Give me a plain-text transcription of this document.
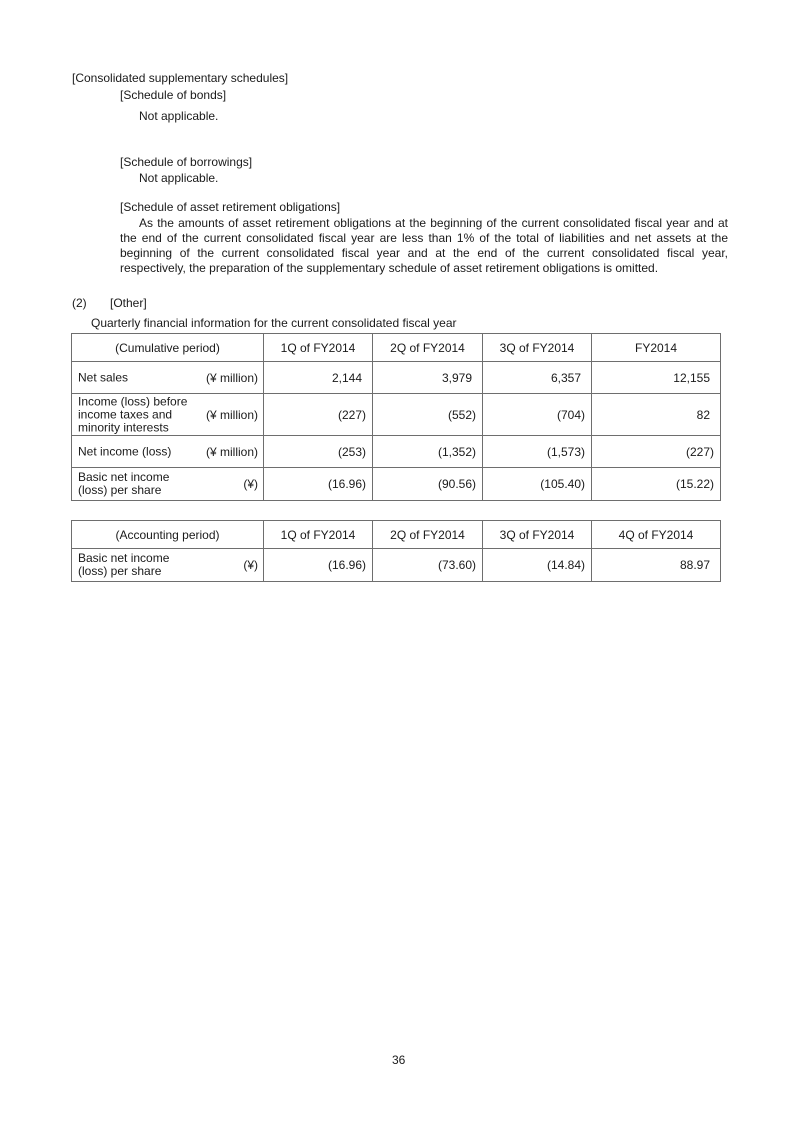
[Consolidated supplementary schedules]
[Schedule of bonds]
Not applicable.
[Schedule of borrowings]
Not applicable.
[Schedule of asset retirement obligations]
As the amounts of asset retirement obligations at the beginning of the current consolidated fiscal year and at the end of the current consolidated fiscal year are less than 1% of the total of liabilities and net assets at the beginning of the current consolidated fiscal year and at the end of the current consolidated fiscal year, respectively, the preparation of the supplementary schedule of asset retirement obligations is omitted.
(2) [Other]
Quarterly financial information for the current consolidated fiscal year
(Cumulative period)	1Q of FY2014	2Q of FY2014	3Q of FY2014	FY2014

Net sales (¥ million)	2,144	3,979	6,357	12,155

Income (loss) before
income taxes and
minority interests
(¥ million)	(227)	(552)	(704)	82

Net income (loss) (¥ million)	(253)	(1,352)	(1,573)	(227)

Basic net income
(loss) per share (¥)	(16.96)	(90.56)	(105.40)	(15.22)
(Accounting period)	1Q of FY2014	2Q of FY2014	3Q of FY2014	4Q of FY2014

Basic net income
(loss) per share (¥)	(16.96)	(73.60)	(14.84)	88.97
36
